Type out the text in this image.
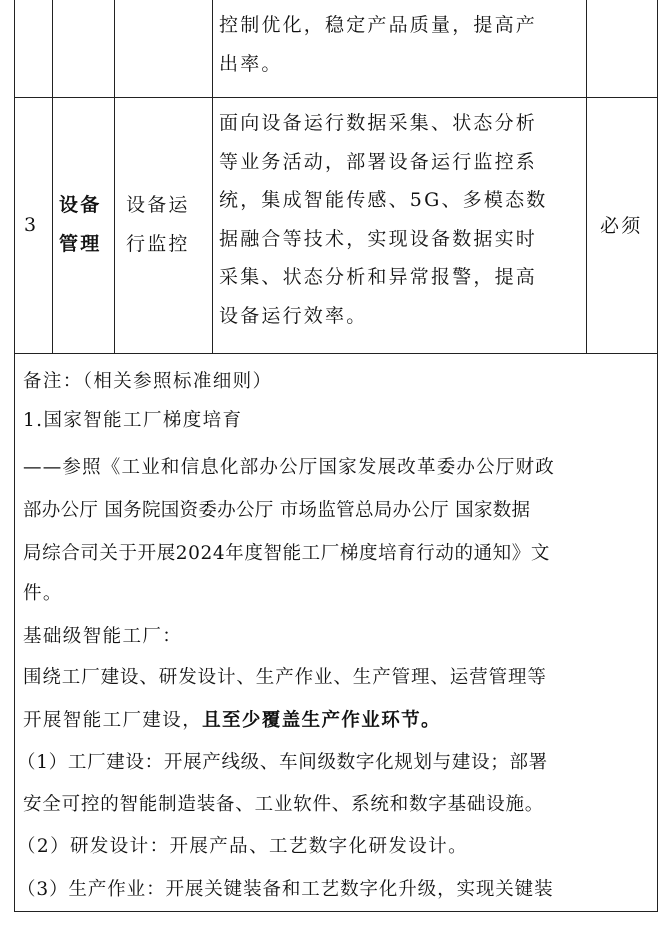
控制优化，稳定产品质量，提高产
出率。
3
设备
管理
设备运
行监控
面向设备运行数据采集、状态分析
等业务活动，部署设备运行监控系
统，集成智能传感、5G、多模态数
据融合等技术，实现设备数据实时
采集、状态分析和异常报警，提高
设备运行效率。
必须
备注：（相关参照标准细则）
1.国家智能工厂梯度培育
——参照《工业和信息化部办公厅国家发展改革委办公厅财政
部办公厅 国务院国资委办公厅 市场监管总局办公厅 国家数据
局综合司关于开展2024年度智能工厂梯度培育行动的通知》文
件。
基础级智能工厂：
围绕工厂建设、研发设计、生产作业、生产管理、运营管理等
开展智能工厂建设，且至少覆盖生产作业环节。
（1）工厂建设：开展产线级、车间级数字化规划与建设；部署
安全可控的智能制造装备、工业软件、系统和数字基础设施。
（2）研发设计：开展产品、工艺数字化研发设计。
（3）生产作业：开展关键装备和工艺数字化升级，实现关键装
